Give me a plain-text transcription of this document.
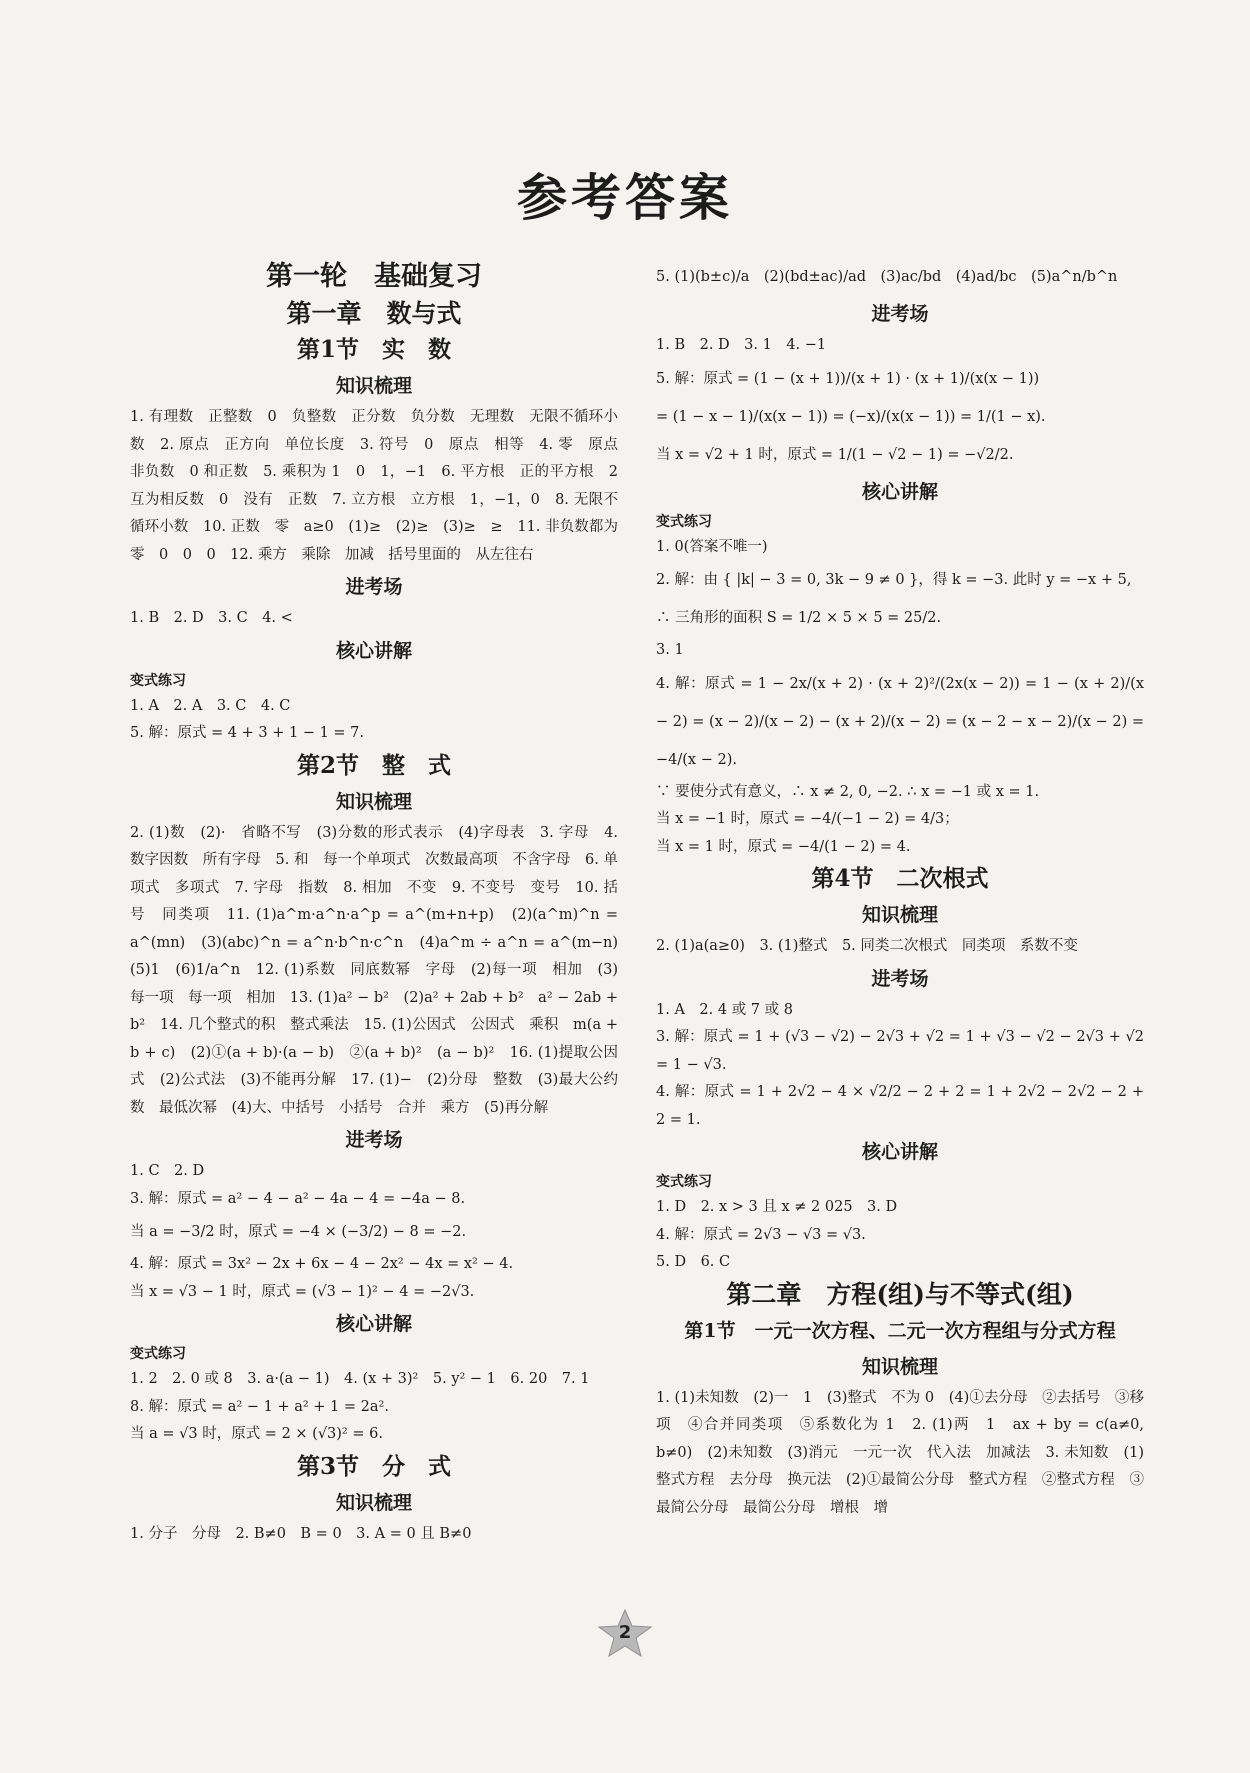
参考答案
第一轮　基础复习
第一章　数与式
第1节　实　数
知识梳理
1. 有理数　正整数　0　负整数　正分数　负分数　无理数　无限不循环小数　2. 原点　正方向　单位长度　3. 符号　0　原点　相等　4. 零　原点　非负数　0 和正数　5. 乘积为 1　0　1，−1　6. 平方根　正的平方根　2　互为相反数　0　没有　正数　7. 立方根　立方根　1，−1，0　8. 无限不循环小数　10. 正数　零　a≥0　(1)≥　(2)≥　(3)≥　≥　11. 非负数都为零　0　0　0　12. 乘方　乘除　加减　括号里面的　从左往右
进考场
1. B　2. D　3. C　4. <
核心讲解
变式练习
1. A　2. A　3. C　4. C
5. 解：原式 = 4 + 3 + 1 − 1 = 7.
第2节　整　式
知识梳理
2. (1)数　(2)·　省略不写　(3)分数的形式表示　(4)字母表　3. 字母　4. 数字因数　所有字母　5. 和　每一个单项式　次数最高项　不含字母　6. 单项式　多项式　7. 字母　指数　8. 相加　不变　9. 不变号　变号　10. 括号　同类项　11. (1)a^m·a^n·a^p = a^(m+n+p)　(2)(a^m)^n = a^(mn)　(3)(abc)^n = a^n·b^n·c^n　(4)a^m ÷ a^n = a^(m−n)　(5)1　(6)1/a^n　12. (1)系数　同底数幂　字母　(2)每一项　相加　(3)每一项　每一项　相加　13. (1)a² − b²　(2)a² + 2ab + b²　a² − 2ab + b²　14. 几个整式的积　整式乘法　15. (1)公因式　公因式　乘积　m(a + b + c)　(2)①(a + b)·(a − b)　②(a + b)²　(a − b)²　16. (1)提取公因式　(2)公式法　(3)不能再分解　17. (1)−　(2)分母　整数　(3)最大公约数　最低次幂　(4)大、中括号　小括号　合并　乘方　(5)再分解
进考场
1. C　2. D
3. 解：原式 = a² − 4 − a² − 4a − 4 = −4a − 8.
当 a = −3/2 时，原式 = −4 × (−3/2) − 8 = −2.
4. 解：原式 = 3x² − 2x + 6x − 4 − 2x² − 4x = x² − 4.
当 x = √3 − 1 时，原式 = (√3 − 1)² − 4 = −2√3.
核心讲解
变式练习
1. 2　2. 0 或 8　3. a·(a − 1)　4. (x + 3)²　5. y² − 1　6. 20　7. 1
8. 解：原式 = a² − 1 + a² + 1 = 2a².
当 a = √3 时，原式 = 2 × (√3)² = 6.
第3节　分　式
知识梳理
1. 分子　分母　2. B≠0　B = 0　3. A = 0 且 B≠0
5. (1)(b±c)/a　(2)(bd±ac)/ad　(3)ac/bd　(4)ad/bc　(5)a^n/b^n
进考场
1. B　2. D　3. 1　4. −1
5. 解：原式 = (1 − (x + 1))/(x + 1) · (x + 1)/(x(x − 1))
= (1 − x − 1)/(x(x − 1)) = (−x)/(x(x − 1)) = 1/(1 − x).
当 x = √2 + 1 时，原式 = 1/(1 − √2 − 1) = −√2/2.
核心讲解
变式练习
1. 0(答案不唯一)
2. 解：由 { |k| − 3 = 0, 3k − 9 ≠ 0 }，得 k = −3. 此时 y = −x + 5,
∴ 三角形的面积 S = 1/2 × 5 × 5 = 25/2.
3. 1
4. 解：原式 = 1 − 2x/(x + 2) · (x + 2)²/(2x(x − 2)) = 1 − (x + 2)/(x − 2) = (x − 2)/(x − 2) − (x + 2)/(x − 2) = (x − 2 − x − 2)/(x − 2) = −4/(x − 2).
∵ 要使分式有意义，∴ x ≠ 2, 0, −2. ∴ x = −1 或 x = 1.
当 x = −1 时，原式 = −4/(−1 − 2) = 4/3；
当 x = 1 时，原式 = −4/(1 − 2) = 4.
第4节　二次根式
知识梳理
2. (1)a(a≥0)　3. (1)整式　5. 同类二次根式　同类项　系数不变
进考场
1. A　2. 4 或 7 或 8
3. 解：原式 = 1 + (√3 − √2) − 2√3 + √2 = 1 + √3 − √2 − 2√3 + √2 = 1 − √3.
4. 解：原式 = 1 + 2√2 − 4 × √2/2 − 2 + 2 = 1 + 2√2 − 2√2 − 2 + 2 = 1.
核心讲解
变式练习
1. D　2. x > 3 且 x ≠ 2 025　3. D
4. 解：原式 = 2√3 − √3 = √3.
5. D　6. C
第二章　方程(组)与不等式(组)
第1节　一元一次方程、二元一次方程组与分式方程
知识梳理
1. (1)未知数　(2)一　1　(3)整式　不为 0　(4)①去分母　②去括号　③移项　④合并同类项　⑤系数化为 1　2. (1)两　1　ax + by = c(a≠0, b≠0)　(2)未知数　(3)消元　一元一次　代入法　加减法　3. 未知数　(1)整式方程　去分母　换元法　(2)①最简公分母　整式方程　②整式方程　③最简公分母　最简公分母　增根　增
2
